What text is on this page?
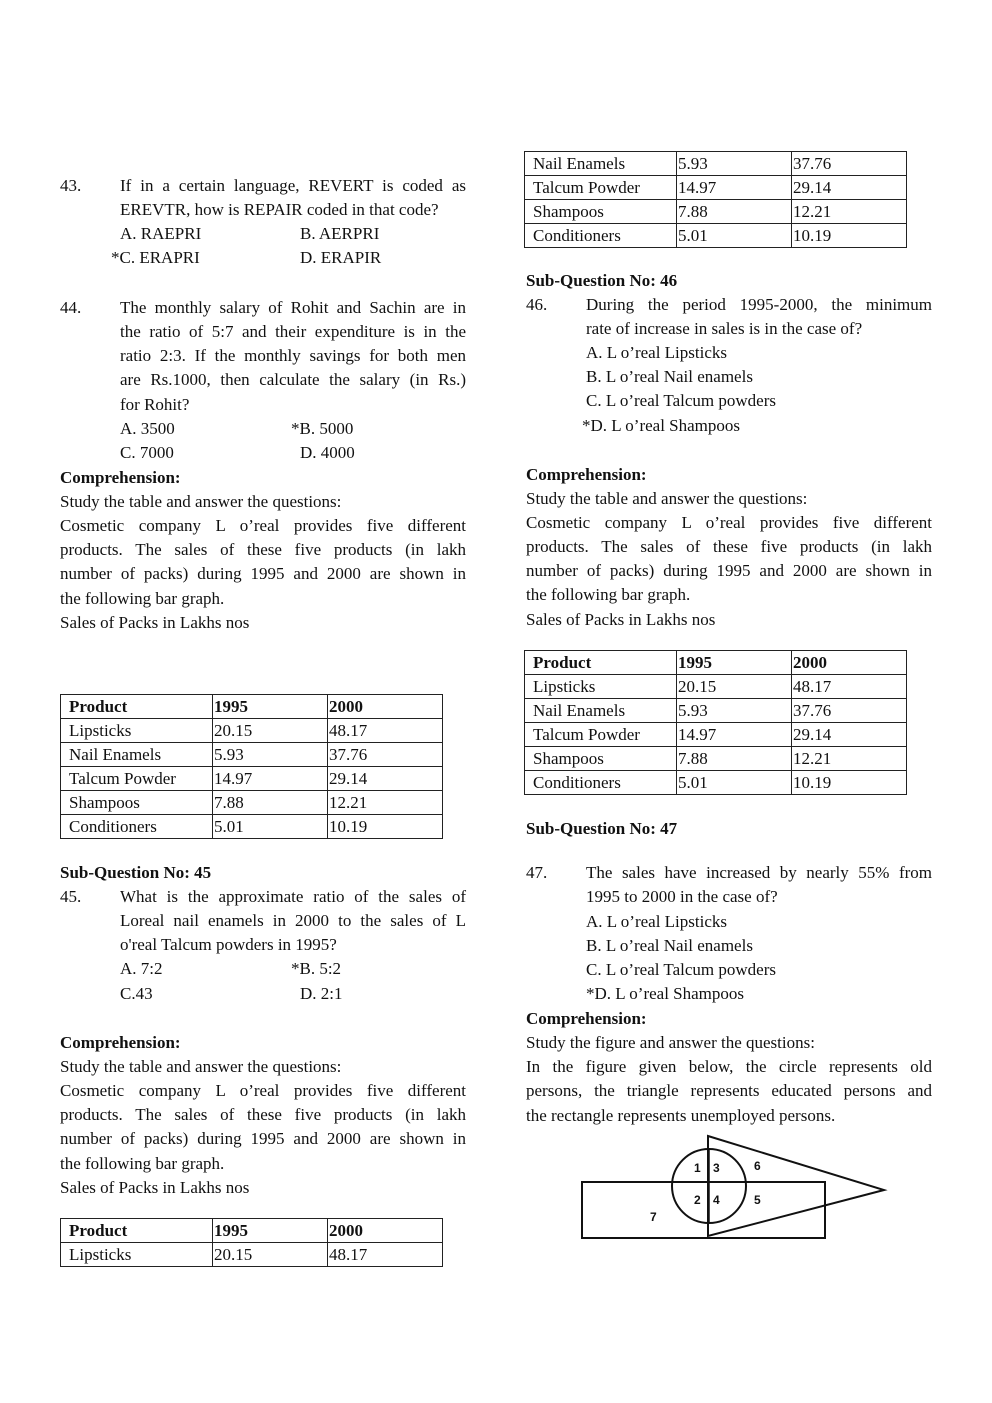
43. If in a certain language, REVERT is coded as
EREVTR, how is REPAIR coded in that code?
A. RAEPRI	B. AERPRI
*C. ERAPRI	D. ERAPIR
44. The monthly salary of Rohit and Sachin are in
the ratio of 5:7 and their expenditure is in the
ratio 2:3. If the monthly savings for both men
are Rs.1000, then calculate the salary (in Rs.)
for Rohit?
A. 3500	*B. 5000
C. 7000	D. 4000
Comprehension:
Study the table and answer the questions:
Cosmetic company L o’real provides five different
products. The sales of these five products (in lakh
number of packs) during 1995 and 2000 are shown in
the following bar graph.
Sales of Packs in Lakhs nos
Product	1995	2000
Lipsticks	20.15	48.17
Nail Enamels	5.93	37.76
Talcum Powder	14.97	29.14
Shampoos	7.88	12.21
Conditioners	5.01	10.19
Sub-Question No: 45
45. What is the approximate ratio of the sales of
Loreal nail enamels in 2000 to the sales of L
o'real Talcum powders in 1995?
A. 7:2	*B. 5:2
C.43	D. 2:1
Comprehension:
Study the table and answer the questions:
Cosmetic company L o’real provides five different
products. The sales of these five products (in lakh
number of packs) during 1995 and 2000 are shown in
the following bar graph.
Sales of Packs in Lakhs nos
Product	1995	2000
Lipsticks	20.15	48.17
Nail Enamels	5.93	37.76
Talcum Powder	14.97	29.14
Shampoos	7.88	12.21
Conditioners	5.01	10.19
Sub-Question No: 46
46. During the period 1995-2000, the minimum
rate of increase in sales is in the case of?
A. L o’real Lipsticks
B. L o’real Nail enamels
C. L o’real Talcum powders
*D. L o’real Shampoos
Comprehension:
Study the table and answer the questions:
Cosmetic company L o’real provides five different
products. The sales of these five products (in lakh
number of packs) during 1995 and 2000 are shown in
the following bar graph.
Sales of Packs in Lakhs nos
Product	1995	2000
Lipsticks	20.15	48.17
Nail Enamels	5.93	37.76
Talcum Powder	14.97	29.14
Shampoos	7.88	12.21
Conditioners	5.01	10.19
Sub-Question No: 47
47. The sales have increased by nearly 55% from
1995 to 2000 in the case of?
A. L o’real Lipsticks
B. L o’real Nail enamels
C. L o’real Talcum powders
*D. L o’real Shampoos
Comprehension:
Study the figure and answer the questions:
In the figure given below, the circle represents old
persons, the triangle represents educated persons and
the rectangle represents unemployed persons.
1 3	6
2 4	5
7
